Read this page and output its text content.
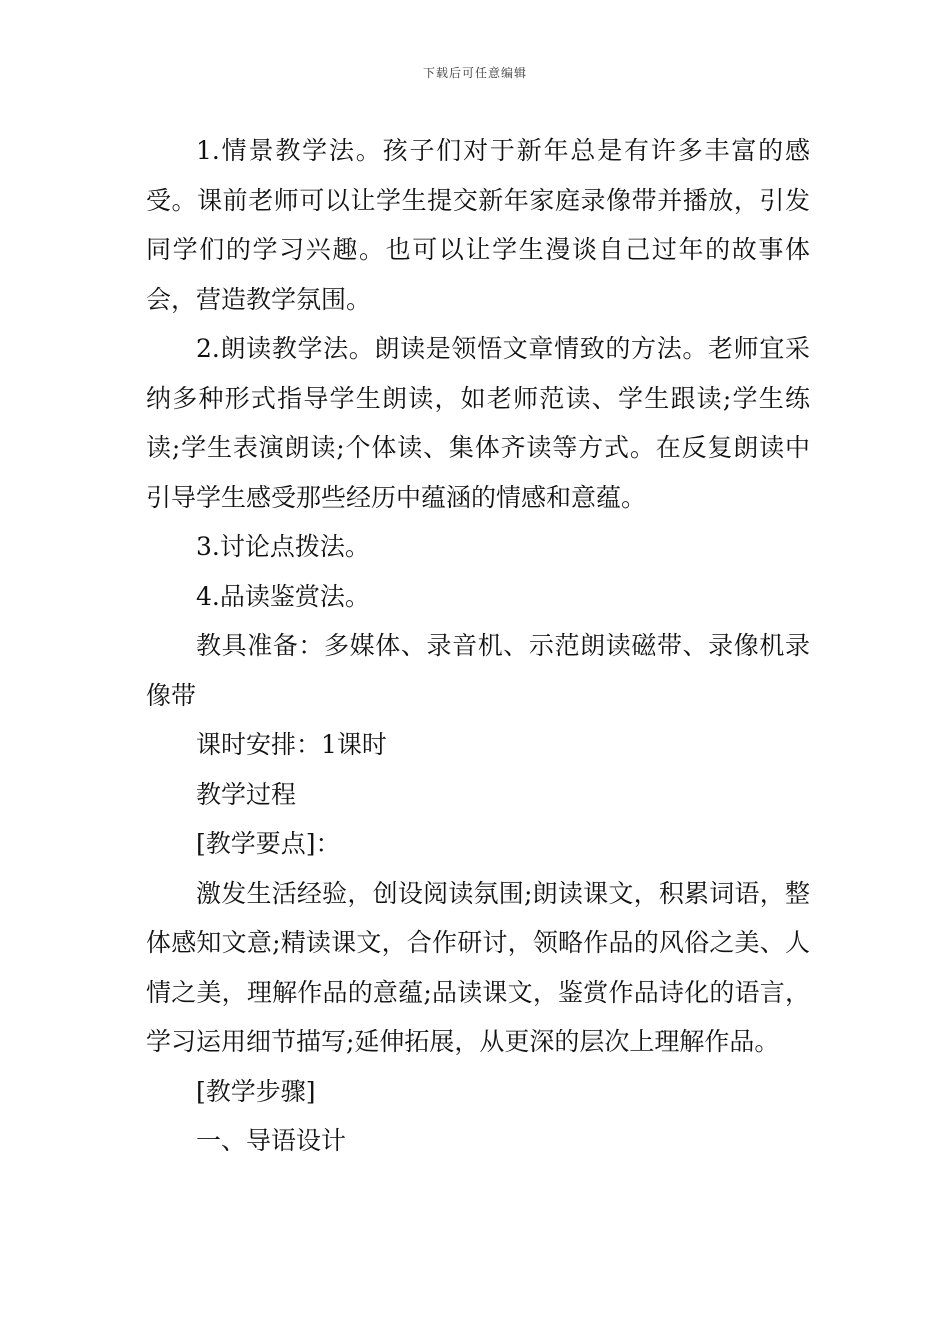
下载后可任意编辑

1.情景教学法。孩子们对于新年总是有许多丰富的感受。课前老师可以让学生提交新年家庭录像带并播放，引发同学们的学习兴趣。也可以让学生漫谈自己过年的故事体会，营造教学氛围。

2.朗读教学法。朗读是领悟文章情致的方法。老师宜采纳多种形式指导学生朗读，如老师范读、学生跟读;学生练读;学生表演朗读;个体读、集体齐读等方式。在反复朗读中引导学生感受那些经历中蕴涵的情感和意蕴。

3.讨论点拨法。

4.品读鉴赏法。

教具准备：多媒体、录音机、示范朗读磁带、录像机录像带

课时安排：1课时

教学过程

[教学要点]：

激发生活经验，创设阅读氛围;朗读课文，积累词语，整体感知文意;精读课文，合作研讨，领略作品的风俗之美、人情之美，理解作品的意蕴;品读课文，鉴赏作品诗化的语言，学习运用细节描写;延伸拓展，从更深的层次上理解作品。

[教学步骤]

一、导语设计
